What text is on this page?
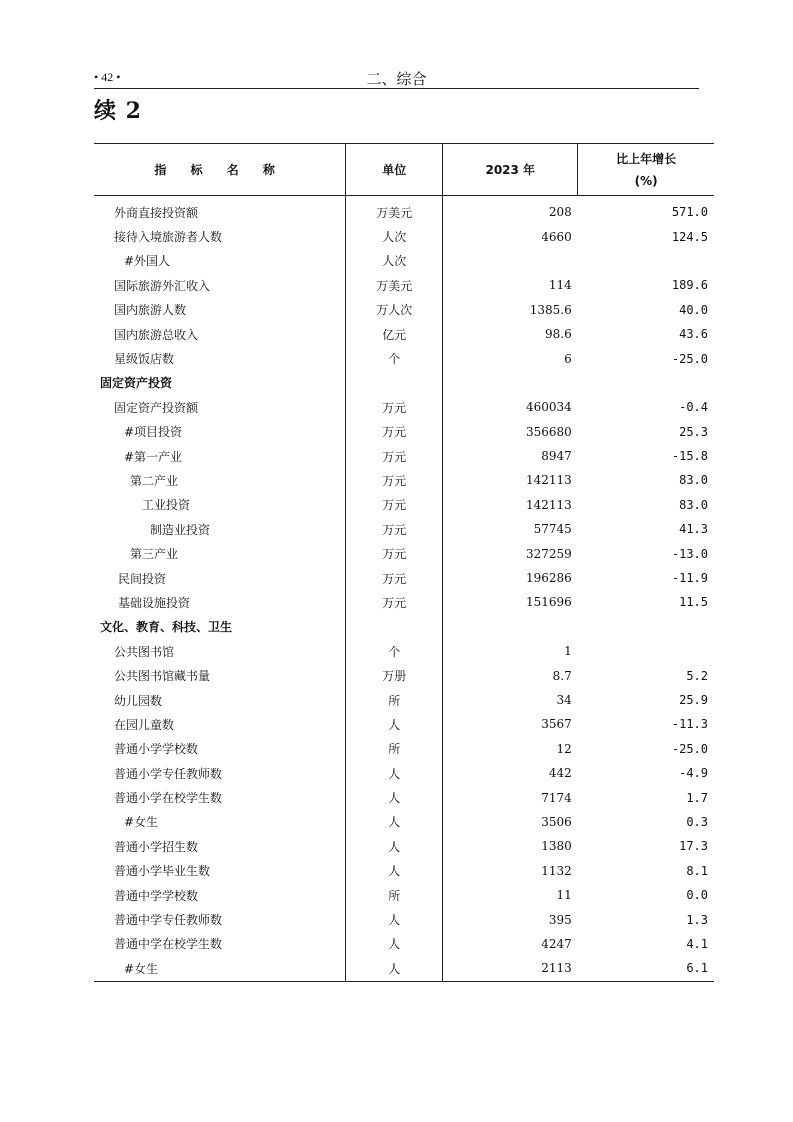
• 42 •	二、综合
续 2
指 标 名 称	单位	2023 年	比上年增长
(%)

外商直接投资额	万美元	208	571.0
接待入境旅游者人数	人次	4660	124.5
#外国人	人次		
国际旅游外汇收入	万美元	114	189.6
国内旅游人数	万人次	1385.6	40.0
国内旅游总收入	亿元	98.6	43.6
星级饭店数	个	6	-25.0
固定资产投资			
固定资产投资额	万元	460034	-0.4
#项目投资	万元	356680	25.3
#第一产业	万元	8947	-15.8
第二产业	万元	142113	83.0
工业投资	万元	142113	83.0
制造业投资	万元	57745	41.3
第三产业	万元	327259	-13.0
民间投资	万元	196286	-11.9
基础设施投资	万元	151696	11.5
文化、教育、科技、卫生			
公共图书馆	个	1	
公共图书馆藏书量	万册	8.7	5.2
幼儿园数	所	34	25.9
在园儿童数	人	3567	-11.3
普通小学学校数	所	12	-25.0
普通小学专任教师数	人	442	-4.9
普通小学在校学生数	人	7174	1.7
#女生	人	3506	0.3
普通小学招生数	人	1380	17.3
普通小学毕业生数	人	1132	8.1
普通中学学校数	所	11	0.0
普通中学专任教师数	人	395	1.3
普通中学在校学生数	人	4247	4.1
#女生	人	2113	6.1
